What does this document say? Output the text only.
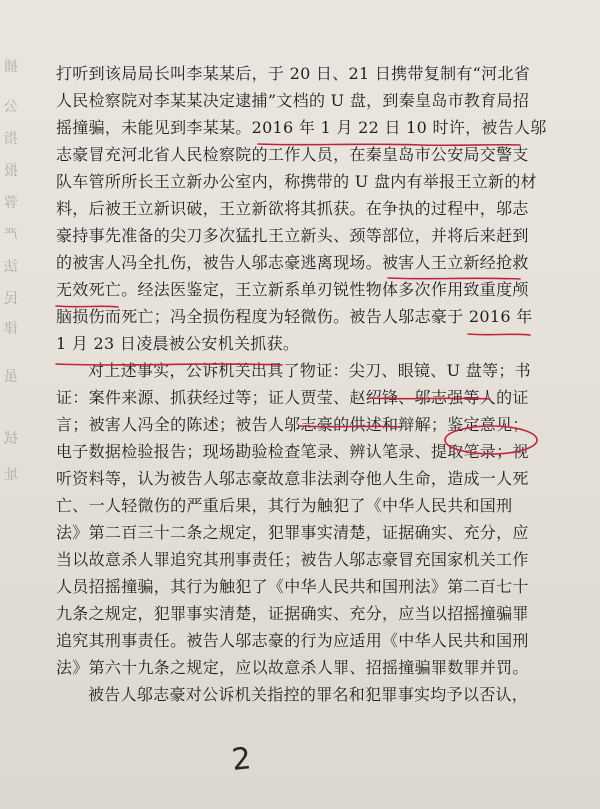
捕
公
指
报
蓉
严
法
民
律
虽
拭
址
打听到该局局长叫李某某后，于 20 日、21 日携带复制有“河北省
人民检察院对李某某决定逮捕”文档的 U 盘，到秦皇岛市教育局招
摇撞骗，未能见到李某某。2016 年 1 月 22 日 10 时许，被告人邬
志豪冒充河北省人民检察院的工作人员，在秦皇岛市公安局交警支
队车管所所长王立新办公室内，称携带的 U 盘内有举报王立新的材
料，后被王立新识破，王立新欲将其抓获。在争执的过程中，邬志
豪持事先准备的尖刀多次猛扎王立新头、颈等部位，并将后来赶到
的被害人冯全扎伤，被告人邬志豪逃离现场。被害人王立新经抢救
无效死亡。经法医鉴定，王立新系单刃锐性物体多次作用致重度颅
脑损伤而死亡；冯全损伤程度为轻微伤。被告人邬志豪于 2016 年
1 月 23 日凌晨被公安机关抓获。
对上述事实，公诉机关出具了物证：尖刀、眼镜、U 盘等；书
证：案件来源、抓获经过等；证人贾莹、赵绍锋、邬志强等人的证
言；被害人冯全的陈述；被告人邬志豪的供述和辩解；鉴定意见；
电子数据检验报告；现场勘验检查笔录、辨认笔录、提取笔录；视
听资料等，认为被告人邬志豪故意非法剥夺他人生命，造成一人死
亡、一人轻微伤的严重后果，其行为触犯了《中华人民共和国刑
法》第二百三十二条之规定，犯罪事实清楚，证据确实、充分，应
当以故意杀人罪追究其刑事责任；被告人邬志豪冒充国家机关工作
人员招摇撞骗，其行为触犯了《中华人民共和国刑法》第二百七十
九条之规定，犯罪事实清楚，证据确实、充分，应当以招摇撞骗罪
追究其刑事责任。被告人邬志豪的行为应适用《中华人民共和国刑
法》第六十九条之规定，应以故意杀人罪、招摇撞骗罪数罪并罚。
被告人邬志豪对公诉机关指控的罪名和犯罪事实均予以否认，
2
